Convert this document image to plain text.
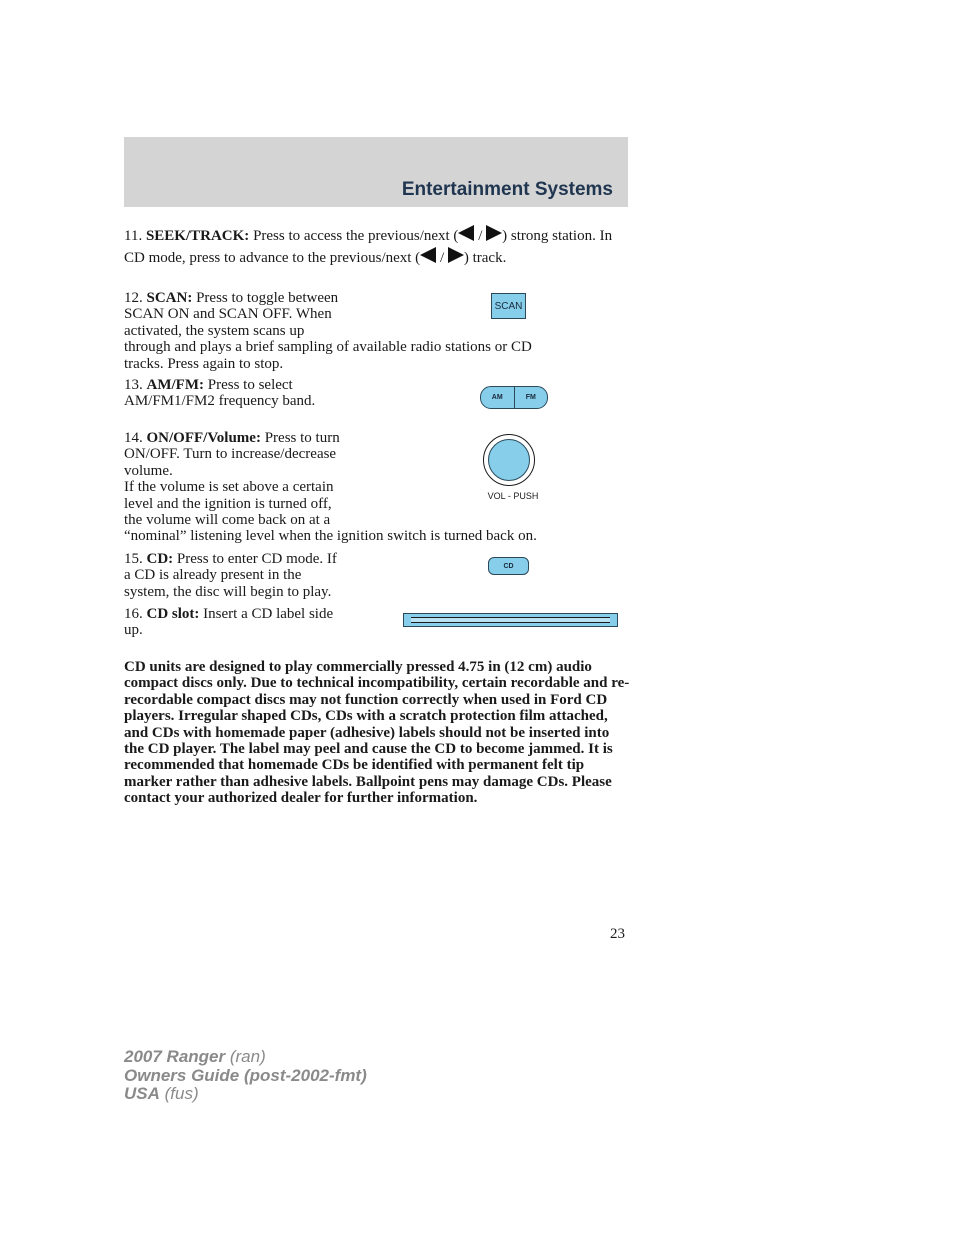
Entertainment Systems
11. SEEK/TRACK: Press to access the previous/next ( / ) strong station. In CD mode, press to advance to the previous/next ( / ) track.
12. SCAN: Press to toggle between
SCAN ON and SCAN OFF. When
activated, the system scans up
through and plays a brief sampling of available radio stations or CD
tracks. Press again to stop.
SCAN
13. AM/FM: Press to select
AM/FM1/FM2 frequency band.	AM	FM
14. ON/OFF/Volume: Press to turn
ON/OFF. Turn to increase/decrease
volume.
If the volume is set above a certain
level and the ignition is turned off,
the volume will come back on at a
“nominal” listening level when the ignition switch is turned back on.
VOL - PUSH
15. CD: Press to enter CD mode. If
a CD is already present in the
system, the disc will begin to play.
CD
16. CD slot: Insert a CD label side
up.
CD units are designed to play commercially pressed 4.75 in (12 cm) audio compact discs only. Due to technical incompatibility, certain recordable and re-recordable compact discs may not function correctly when used in Ford CD players. Irregular shaped CDs, CDs with a scratch protection film attached, and CDs with homemade paper (adhesive) labels should not be inserted into the CD player. The label may peel and cause the CD to become jammed. It is recommended that homemade CDs be identified with permanent felt tip marker rather than adhesive labels. Ballpoint pens may damage CDs. Please contact your authorized dealer for further information.
23
2007 Ranger (ran)
Owners Guide (post-2002-fmt)
USA (fus)
